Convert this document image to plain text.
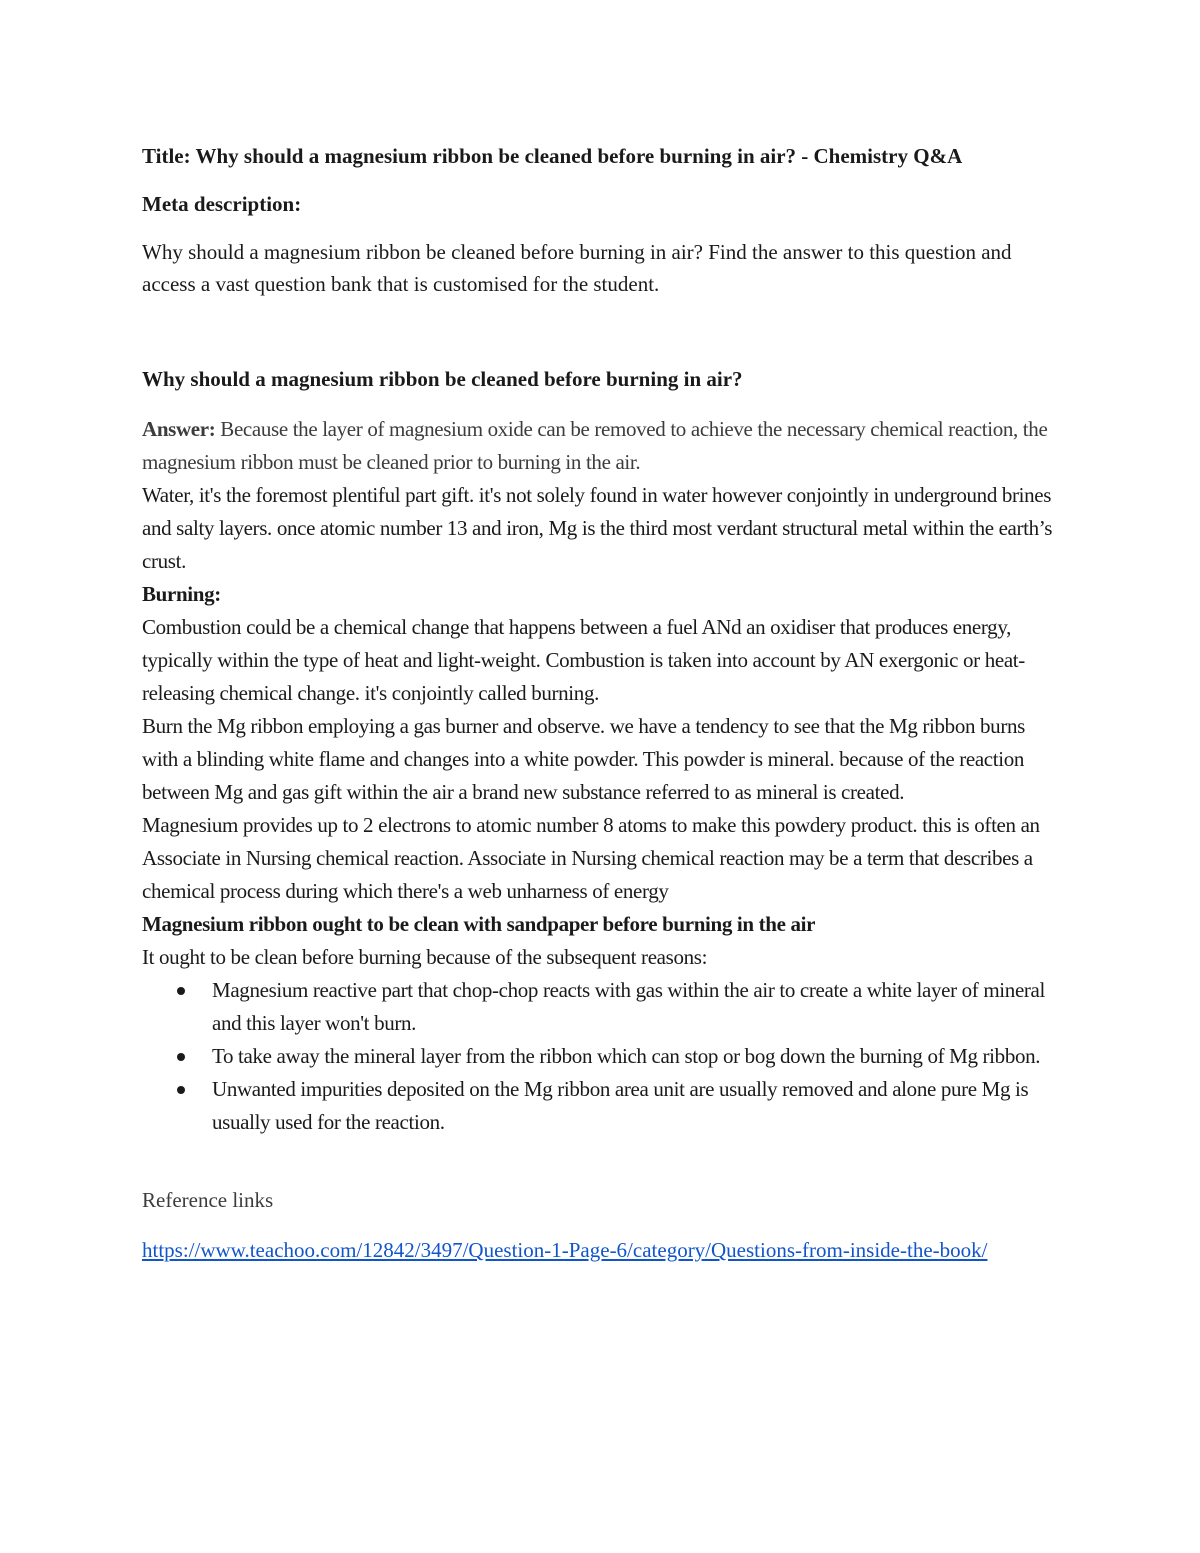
Title: Why should a magnesium ribbon be cleaned before burning in air? - Chemistry Q&A

Meta description:

Why should a magnesium ribbon be cleaned before burning in air? Find the answer to this question and access a vast question bank that is customised for the student.

Why should a magnesium ribbon be cleaned before burning in air?

Answer: Because the layer of magnesium oxide can be removed to achieve the necessary chemical reaction, the magnesium ribbon must be cleaned prior to burning in the air.

Water, it's the foremost plentiful part gift. it's not solely found in water however conjointly in underground brines and salty layers. once atomic number 13 and iron, Mg is the third most verdant structural metal within the earth’s crust.

Burning:

Combustion could be a chemical change that happens between a fuel ANd an oxidiser that produces energy, typically within the type of heat and light-weight. Combustion is taken into account by AN exergonic or heat-releasing chemical change. it's conjointly called burning.

Burn the Mg ribbon employing a gas burner and observe. we have a tendency to see that the Mg ribbon burns with a blinding white flame and changes into a white powder. This powder is mineral. because of the reaction between Mg and gas gift within the air a brand new substance referred to as mineral is created.

Magnesium provides up to 2 electrons to atomic number 8 atoms to make this powdery product. this is often an Associate in Nursing chemical reaction. Associate in Nursing chemical reaction may be a term that describes a chemical process during which there's a web unharness of energy

Magnesium ribbon ought to be clean with sandpaper before burning in the air

It ought to be clean before burning because of the subsequent reasons:

Magnesium reactive part that chop-chop reacts with gas within the air to create a white layer of mineral and this layer won't burn.
To take away the mineral layer from the ribbon which can stop or bog down the burning of Mg ribbon.
Unwanted impurities deposited on the Mg ribbon area unit are usually removed and alone pure Mg is usually used for the reaction.

Reference links

https://www.teachoo.com/12842/3497/Question-1-Page-6/category/Questions-from-inside-the-book/
